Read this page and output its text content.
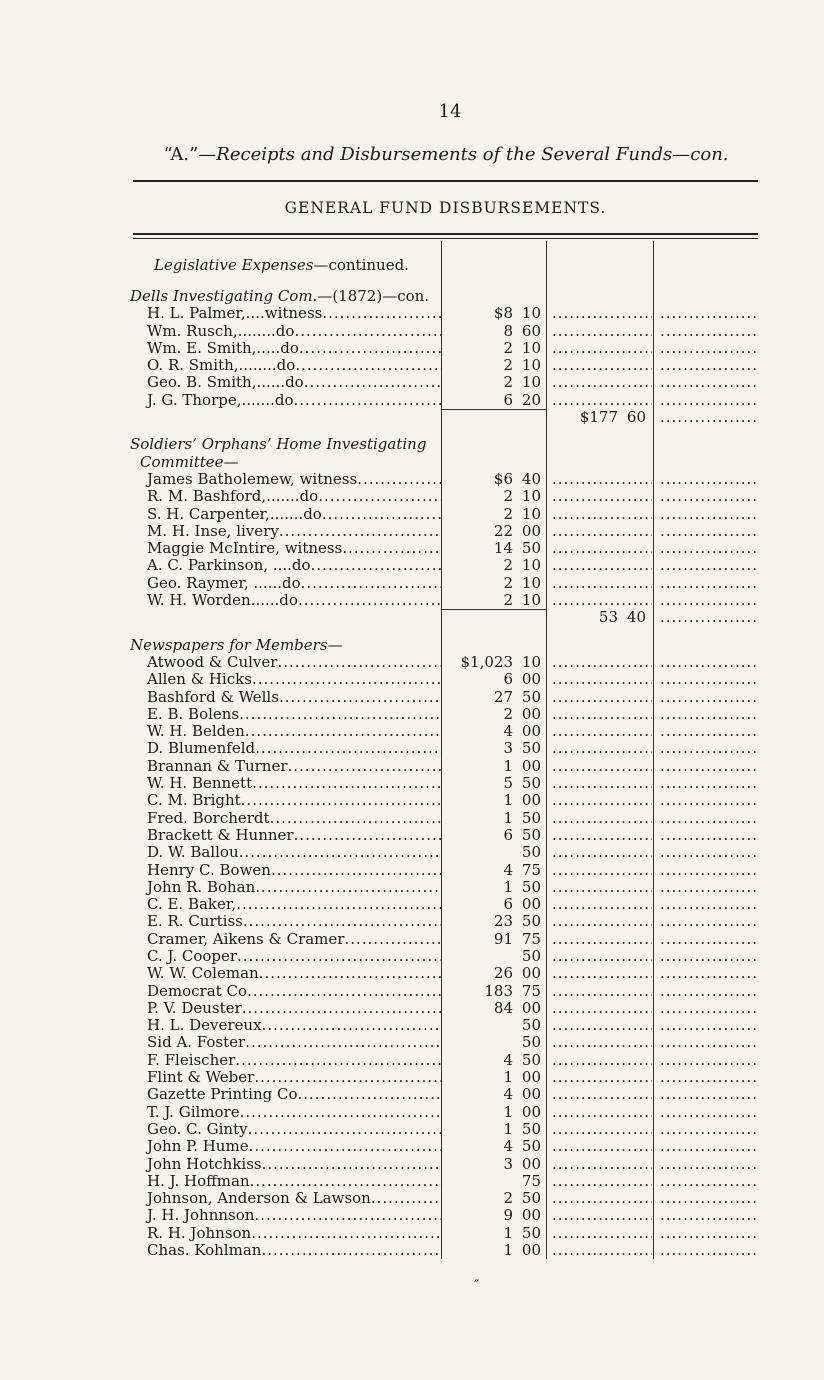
14
“A.”—Receipts and Disbursements of the Several Funds—con.
GENERAL FUND DISBURSEMENTS.
Legislative Expenses—continued.
Dells Investigating Com.—(1872)—con.
H. L. Palmer,....witness
.....
Wm. Rusch,........do
.....
Wm. E. Smith,.....do
.....
O. R. Smith,........do
.....
Geo. B. Smith,......do
.....
J. G. Thorpe,.......do
.....
Soldiers’ Orphans’ Home Investigating
Committee—
James Batholemew, witness
.....
R. M. Bashford,.......do
.....
S. H. Carpenter,.......do
.....
M. H. Inse, livery
.....
Maggie McIntire, witness
.....
A. C. Parkinson, ....do
.....
Geo. Raymer, ......do
.....
W. H. Worden......do
.....
Newspapers for Members—
Atwood & Culver
.....
Allen & Hicks
.....
Bashford & Wells
.....
E. B. Bolens
.....
W. H. Belden
.....
D. Blumenfeld
.....
Brannan & Turner
.....
W. H. Bennett
.....
C. M. Bright
.....
Fred. Borcherdt
.....
Brackett & Hunner
.....
D. W. Ballou
.....
Henry C. Bowen
.....
John R. Bohan
.....
C. E. Baker,
.....
E. R. Curtiss
.....
Cramer, Aikens & Cramer
.....
C. J. Cooper
.....
W. W. Coleman
.....
Democrat Co
.....
P. V. Deuster
.....
H. L. Devereux
.....
Sid A. Foster
.....
F. Fleischer
.....
Flint & Weber
.....
Gazette Printing Co
.....
T. J. Gilmore
.....
Geo. C. Ginty
.....
John P. Hume
.....
John Hotchkiss
.....
H. J. Hoffman
.....
Johnson, Anderson & Lawson
.....
J. H. Johnnson
.....
R. H. Johnson
.....
Chas. Kohlman
.....
$8 10
8 60
2 10
2 10
2 10
6 20
$6 40
2 10
2 10
22 00
14 50
2 10
2 10
2 10
$1,023 10
6 00
27 50
2 00
4 00
3 50
1 00
5 50
1 00
1 50
6 50
50
4 75
1 50
6 00
23 50
91 75
50
26 00
183 75
84 00
50
50
4 50
1 00
4 00
1 00
1 50
4 50
3 00
75
2 50
9 00
1 50
1 00
.....
.....
.....
.....
.....
.....
$177 60
.....
.....
.....
.....
.....
.....
.....
.....
53 40
.....
.....
.....
.....
.....
.....
.....
.....
.....
.....
.....
.....
.....
.....
.....
.....
.....
.....
.....
.....
.....
.....
.....
.....
.....
.....
.....
.....
.....
.....
.....
.....
.....
.....
.....
.....
.....
.....
.....
.....
.....
.....
.....
.....
.....
.....
.....
.....
.....
.....
.....
.....
.....
.....
.....
.....
.....
.....
.....
.....
.....
.....
.....
.....
.....
.....
.....
.....
.....
.....
.....
.....
.....
.....
.....
.....
.....
.....
.....
.....
.....
.....
.....
.....
.....
.....
″
